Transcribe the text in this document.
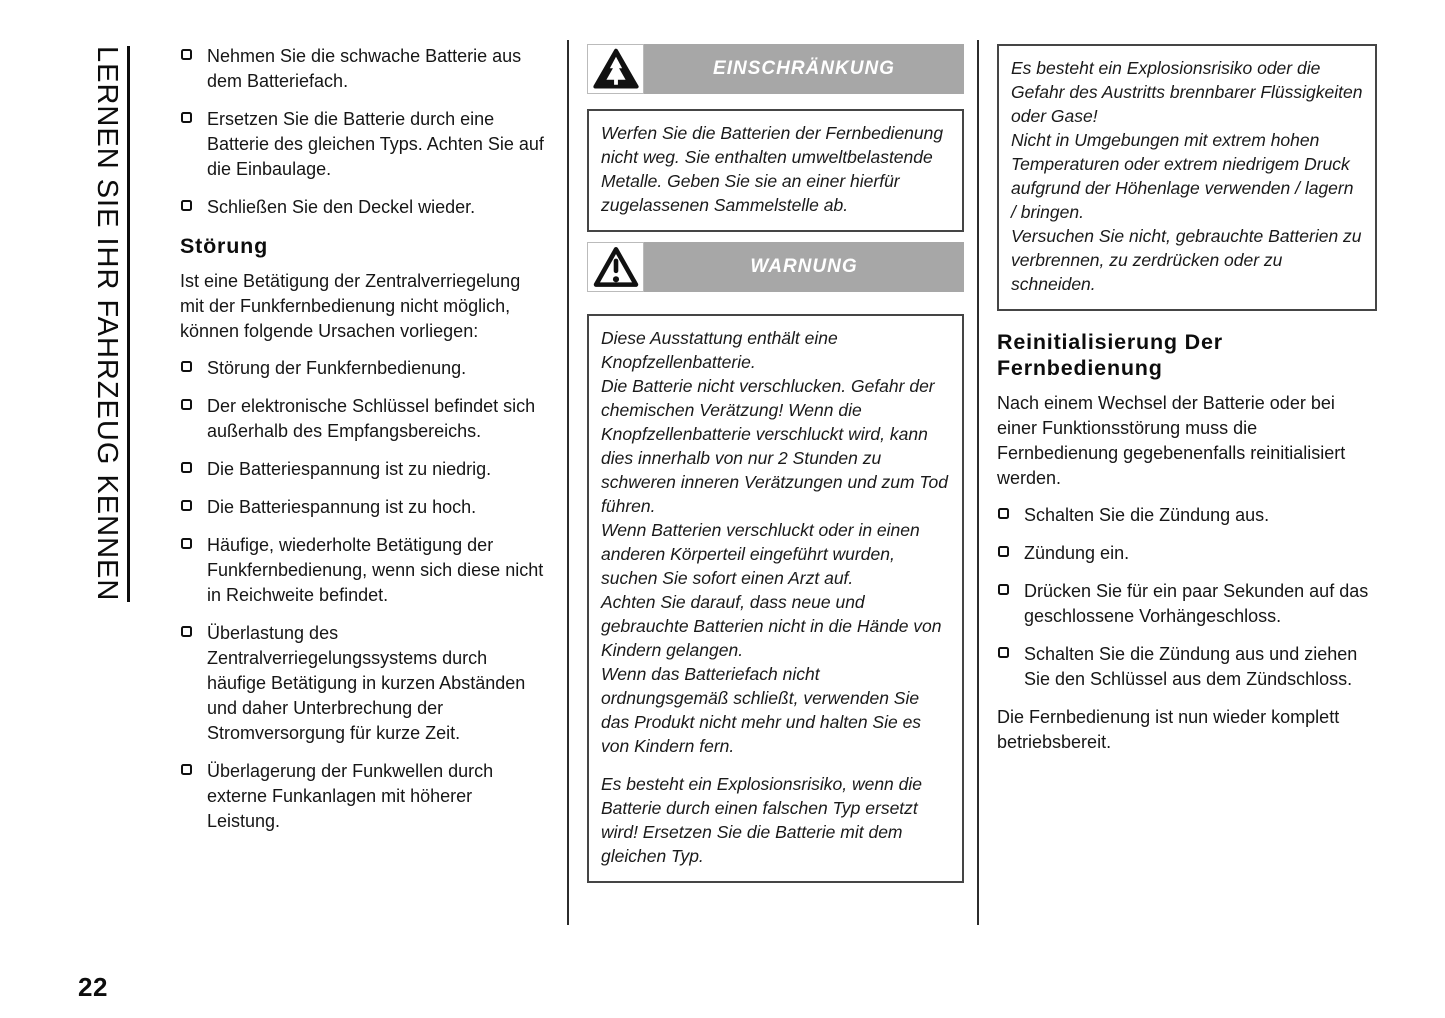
LERNEN SIE IHR FAHRZEUG KENNEN	Nehmen Sie die schwache Batterie aus dem Batteriefach.
Ersetzen Sie die Batterie durch eine Batterie des gleichen Typs. Achten Sie auf die Einbaulage.
Schließen Sie den Deckel wieder.
Störung

Ist eine Betätigung der Zentralverriegelung mit der Funkfernbedienung nicht möglich, können folgende Ursachen vorliegen:

Störung der Funkfernbedienung.
Der elektronische Schlüssel befindet sich außerhalb des Empfangsbereichs.
Die Batteriespannung ist zu niedrig.
Die Batteriespannung ist zu hoch.
Häufige, wiederholte Betätigung der Funkfernbedienung, wenn sich diese nicht in Reichweite befindet.
Überlastung des Zentralverriegelungssystems durch häufige Betätigung in kurzen Abständen und daher Unterbrechung der Stromversorgung für kurze Zeit.
Überlagerung der Funkwellen durch externe Funkanlagen mit höherer Leistung.
EINSCHRÄNKUNG

Werfen Sie die Batterien der Fernbedienung nicht weg. Sie enthalten umweltbelastende Metalle. Geben Sie sie an einer hierfür zugelassenen Sammelstelle ab.

WARNUNG

Diese Ausstattung enthält eine Knopfzellenbatterie.

Die Batterie nicht verschlucken. Gefahr der chemischen Verätzung! Wenn die Knopfzellenbatterie verschluckt wird, kann dies innerhalb von nur 2 Stunden zu schweren inneren Verätzungen und zum Tod führen.

Wenn Batterien verschluckt oder in einen anderen Körperteil eingeführt wurden, suchen Sie sofort einen Arzt auf.

Achten Sie darauf, dass neue und gebrauchte Batterien nicht in die Hände von Kindern gelangen.

Wenn das Batteriefach nicht ordnungsgemäß schließt, verwenden Sie das Produkt nicht mehr und halten Sie es von Kindern fern.

Es besteht ein Explosionsrisiko, wenn die Batterie durch einen falschen Typ ersetzt wird! Ersetzen Sie die Batterie mit dem gleichen Typ.

Es besteht ein Explosionsrisiko oder die Gefahr des Austritts brennbarer Flüssigkeiten oder Gase!

Nicht in Umgebungen mit extrem hohen Temperaturen oder extrem niedrigem Druck aufgrund der Höhenlage verwenden / lagern / bringen.

Versuchen Sie nicht, gebrauchte Batterien zu verbrennen, zu zerdrücken oder zu schneiden.

Reinitialisierung Der Fernbedienung

Nach einem Wechsel der Batterie oder bei einer Funktionsstörung muss die Fernbedienung gegebenenfalls reinitialisiert werden.

Schalten Sie die Zündung aus.
Zündung ein.
Drücken Sie für ein paar Sekunden auf das geschlossene Vorhängeschloss.
Schalten Sie die Zündung aus und ziehen Sie den Schlüssel aus dem Zündschloss.

Die Fernbedienung ist nun wieder komplett betriebsbereit.

22
